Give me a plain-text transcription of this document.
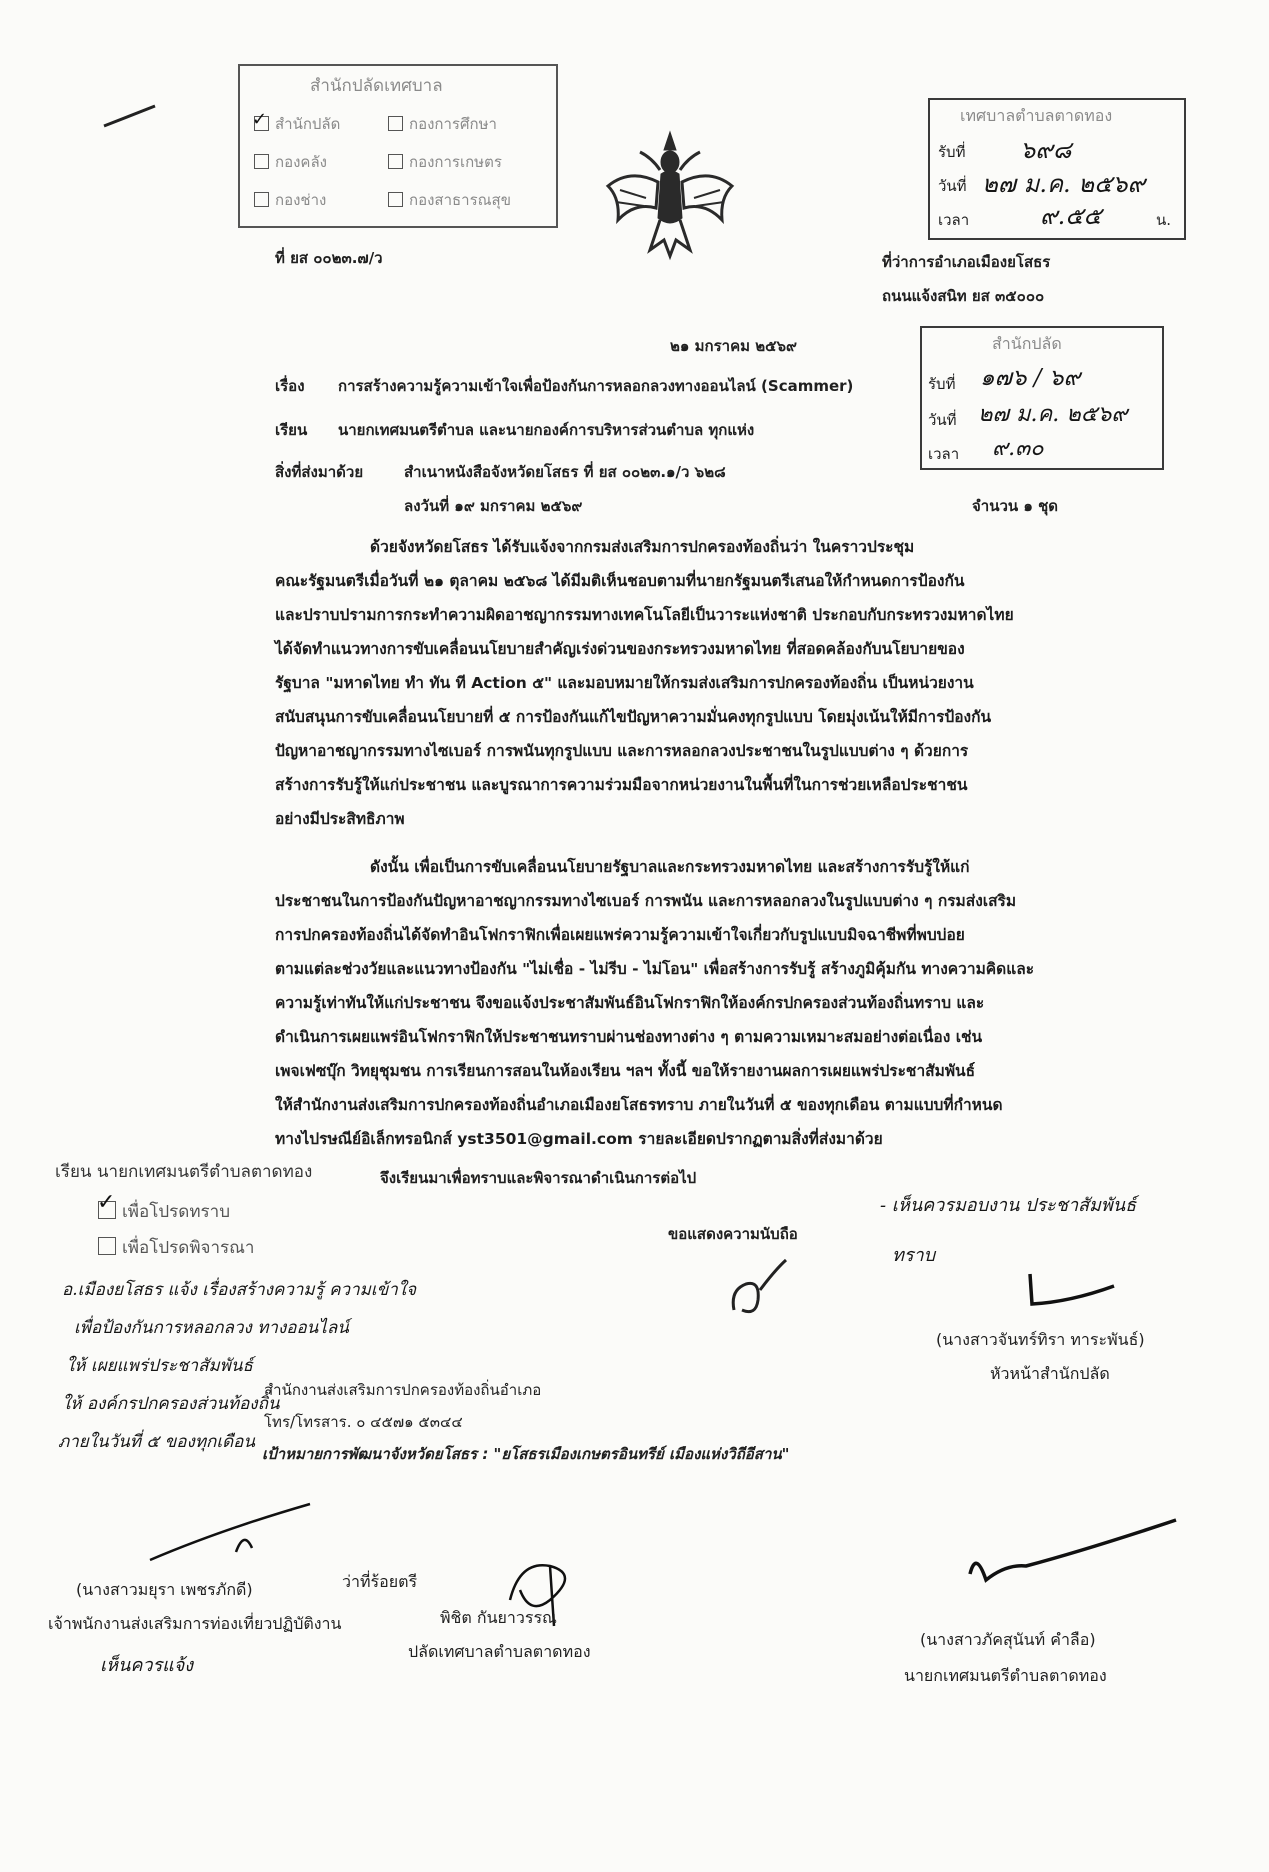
สำนักปลัดเทศบาล
✓ สำนักปลัด	กองการศึกษา
กองคลัง	กองการเกษตร
กองช่าง	กองสาธารณสุข
เทศบาลตำบลตาดทอง
รับที่ ๖๙๘
วันที่ ๒๗ ม.ค. ๒๕๖๙
เวลา	๙.๕๕	น.
ที่ ยส ๐๐๒๓.๗/ว	ที่ว่าการอำเภอเมืองยโสธร
ถนนแจ้งสนิท ยส ๓๕๐๐๐
๒๑ มกราคม ๒๕๖๙	สำนักปลัด
รับที่ ๑๗๖ / ๖๙
วันที่ ๒๗ ม.ค. ๒๕๖๙
เวลา ๙.๓๐
เรื่อง การสร้างความรู้ความเข้าใจเพื่อป้องกันการหลอกลวงทางออนไลน์ (Scammer)
เรียน นายกเทศมนตรีตำบล และนายกองค์การบริหารส่วนตำบล ทุกแห่ง
สิ่งที่ส่งมาด้วย	สำเนาหนังสือจังหวัดยโสธร ที่ ยส ๐๐๒๓.๑/ว ๖๒๘
ลงวันที่ ๑๙ มกราคม ๒๕๖๙	จำนวน ๑ ชุด
ด้วยจังหวัดยโสธร ได้รับแจ้งจากกรมส่งเสริมการปกครองท้องถิ่นว่า ในคราวประชุม
คณะรัฐมนตรีเมื่อวันที่ ๒๑ ตุลาคม ๒๕๖๘ ได้มีมติเห็นชอบตามที่นายกรัฐมนตรีเสนอให้กำหนดการป้องกัน
และปราบปรามการกระทำความผิดอาชญากรรมทางเทคโนโลยีเป็นวาระแห่งชาติ ประกอบกับกระทรวงมหาดไทย
ได้จัดทำแนวทางการขับเคลื่อนนโยบายสำคัญเร่งด่วนของกระทรวงมหาดไทย ที่สอดคล้องกับนโยบายของ
รัฐบาล "มหาดไทย ทำ ทัน ที Action ๕" และมอบหมายให้กรมส่งเสริมการปกครองท้องถิ่น เป็นหน่วยงาน
สนับสนุนการขับเคลื่อนนโยบายที่ ๕ การป้องกันแก้ไขปัญหาความมั่นคงทุกรูปแบบ โดยมุ่งเน้นให้มีการป้องกัน
ปัญหาอาชญากรรมทางไซเบอร์ การพนันทุกรูปแบบ และการหลอกลวงประชาชนในรูปแบบต่าง ๆ ด้วยการ
สร้างการรับรู้ให้แก่ประชาชน และบูรณาการความร่วมมือจากหน่วยงานในพื้นที่ในการช่วยเหลือประชาชน
อย่างมีประสิทธิภาพ
ดังนั้น เพื่อเป็นการขับเคลื่อนนโยบายรัฐบาลและกระทรวงมหาดไทย และสร้างการรับรู้ให้แก่
ประชาชนในการป้องกันปัญหาอาชญากรรมทางไซเบอร์ การพนัน และการหลอกลวงในรูปแบบต่าง ๆ กรมส่งเสริม
การปกครองท้องถิ่นได้จัดทำอินโฟกราฟิกเพื่อเผยแพร่ความรู้ความเข้าใจเกี่ยวกับรูปแบบมิจฉาชีพที่พบบ่อย
ตามแต่ละช่วงวัยและแนวทางป้องกัน "ไม่เชื่อ - ไม่รีบ - ไม่โอน" เพื่อสร้างการรับรู้ สร้างภูมิคุ้มกัน ทางความคิดและ
ความรู้เท่าทันให้แก่ประชาชน จึงขอแจ้งประชาสัมพันธ์อินโฟกราฟิกให้องค์กรปกครองส่วนท้องถิ่นทราบ และ
ดำเนินการเผยแพร่อินโฟกราฟิกให้ประชาชนทราบผ่านช่องทางต่าง ๆ ตามความเหมาะสมอย่างต่อเนื่อง เช่น
เพจเฟซบุ๊ก วิทยุชุมชน การเรียนการสอนในห้องเรียน ฯลฯ ทั้งนี้ ขอให้รายงานผลการเผยแพร่ประชาสัมพันธ์
ให้สำนักงานส่งเสริมการปกครองท้องถิ่นอำเภอเมืองยโสธรทราบ ภายในวันที่ ๕ ของทุกเดือน ตามแบบที่กำหนด
ทางไปรษณีย์อิเล็กทรอนิกส์ yst3501@gmail.com รายละเอียดปรากฏตามสิ่งที่ส่งมาด้วย
จึงเรียนมาเพื่อทราบและพิจารณาดำเนินการต่อไป
ขอแสดงความนับถือ
เรียน นายกเทศมนตรีตำบลตาดทอง
✓ เพื่อโปรดทราบ
เพื่อโปรดพิจารณา
อ.เมืองยโสธร แจ้ง เรื่องสร้างความรู้ ความเข้าใจ
เพื่อป้องกันการหลอกลวง ทางออนไลน์
ให้ เผยแพร่ประชาสัมพันธ์
ให้ องค์กรปกครองส่วนท้องถิ่น
ภายในวันที่ ๕ ของทุกเดือน
สำนักงานส่งเสริมการปกครองท้องถิ่นอำเภอ
โทร/โทรสาร. ๐ ๔๕๗๑ ๕๓๔๔
เป้าหมายการพัฒนาจังหวัดยโสธร : "ยโสธรเมืองเกษตรอินทรีย์ เมืองแห่งวิถีอีสาน"
- เห็นควรมอบงาน ประชาสัมพันธ์
ทราบ
(นางสาวจันทร์ทิรา ทาระพันธ์)
หัวหน้าสำนักปลัด
(นางสาวมยุรา เพชรภักดี)
เจ้าพนักงานส่งเสริมการท่องเที่ยวปฏิบัติงาน
เห็นควรแจ้ง
ว่าที่ร้อยตรี
พิชิต กันยาวรรณ
ปลัดเทศบาลตำบลตาดทอง
(นางสาวภัคสุนันท์ คำลือ)
นายกเทศมนตรีตำบลตาดทอง
